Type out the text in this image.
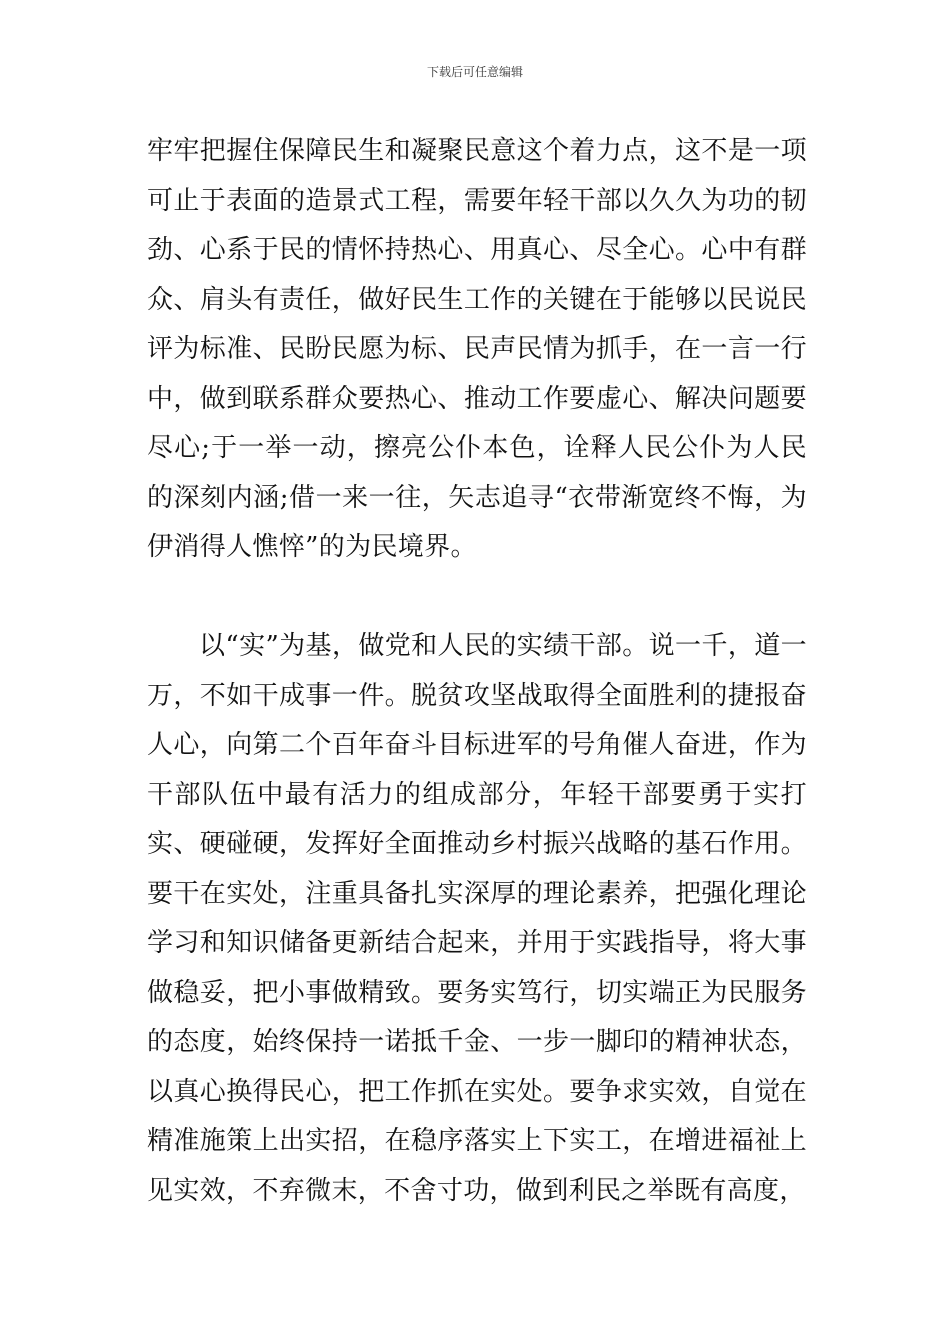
下载后可任意编辑

牢牢把握住保障民生和凝聚民意这个着力点，这不是一项可止于表面的造景式工程，需要年轻干部以久久为功的韧劲、心系于民的情怀持热心、用真心、尽全心。心中有群众、肩头有责任，做好民生工作的关键在于能够以民说民评为标准、民盼民愿为标、民声民情为抓手，在一言一行中，做到联系群众要热心、推动工作要虚心、解决问题要尽心;于一举一动，擦亮公仆本色，诠释人民公仆为人民的深刻内涵;借一来一往，矢志追寻“衣带渐宽终不悔，为伊消得人憔悴”的为民境界。

以“实”为基，做党和人民的实绩干部。说一千，道一万，不如干成事一件。脱贫攻坚战取得全面胜利的捷报奋人心，向第二个百年奋斗目标进军的号角催人奋进，作为干部队伍中最有活力的组成部分，年轻干部要勇于实打实、硬碰硬，发挥好全面推动乡村振兴战略的基石作用。要干在实处，注重具备扎实深厚的理论素养，把强化理论学习和知识储备更新结合起来，并用于实践指导，将大事做稳妥，把小事做精致。要务实笃行，切实端正为民服务的态度，始终保持一诺抵千金、一步一脚印的精神状态，以真心换得民心，把工作抓在实处。要争求实效，自觉在精准施策上出实招，在稳序落实上下实工，在增进福祉上见实效，不弃微末，不舍寸功，做到利民之举既有高度，
